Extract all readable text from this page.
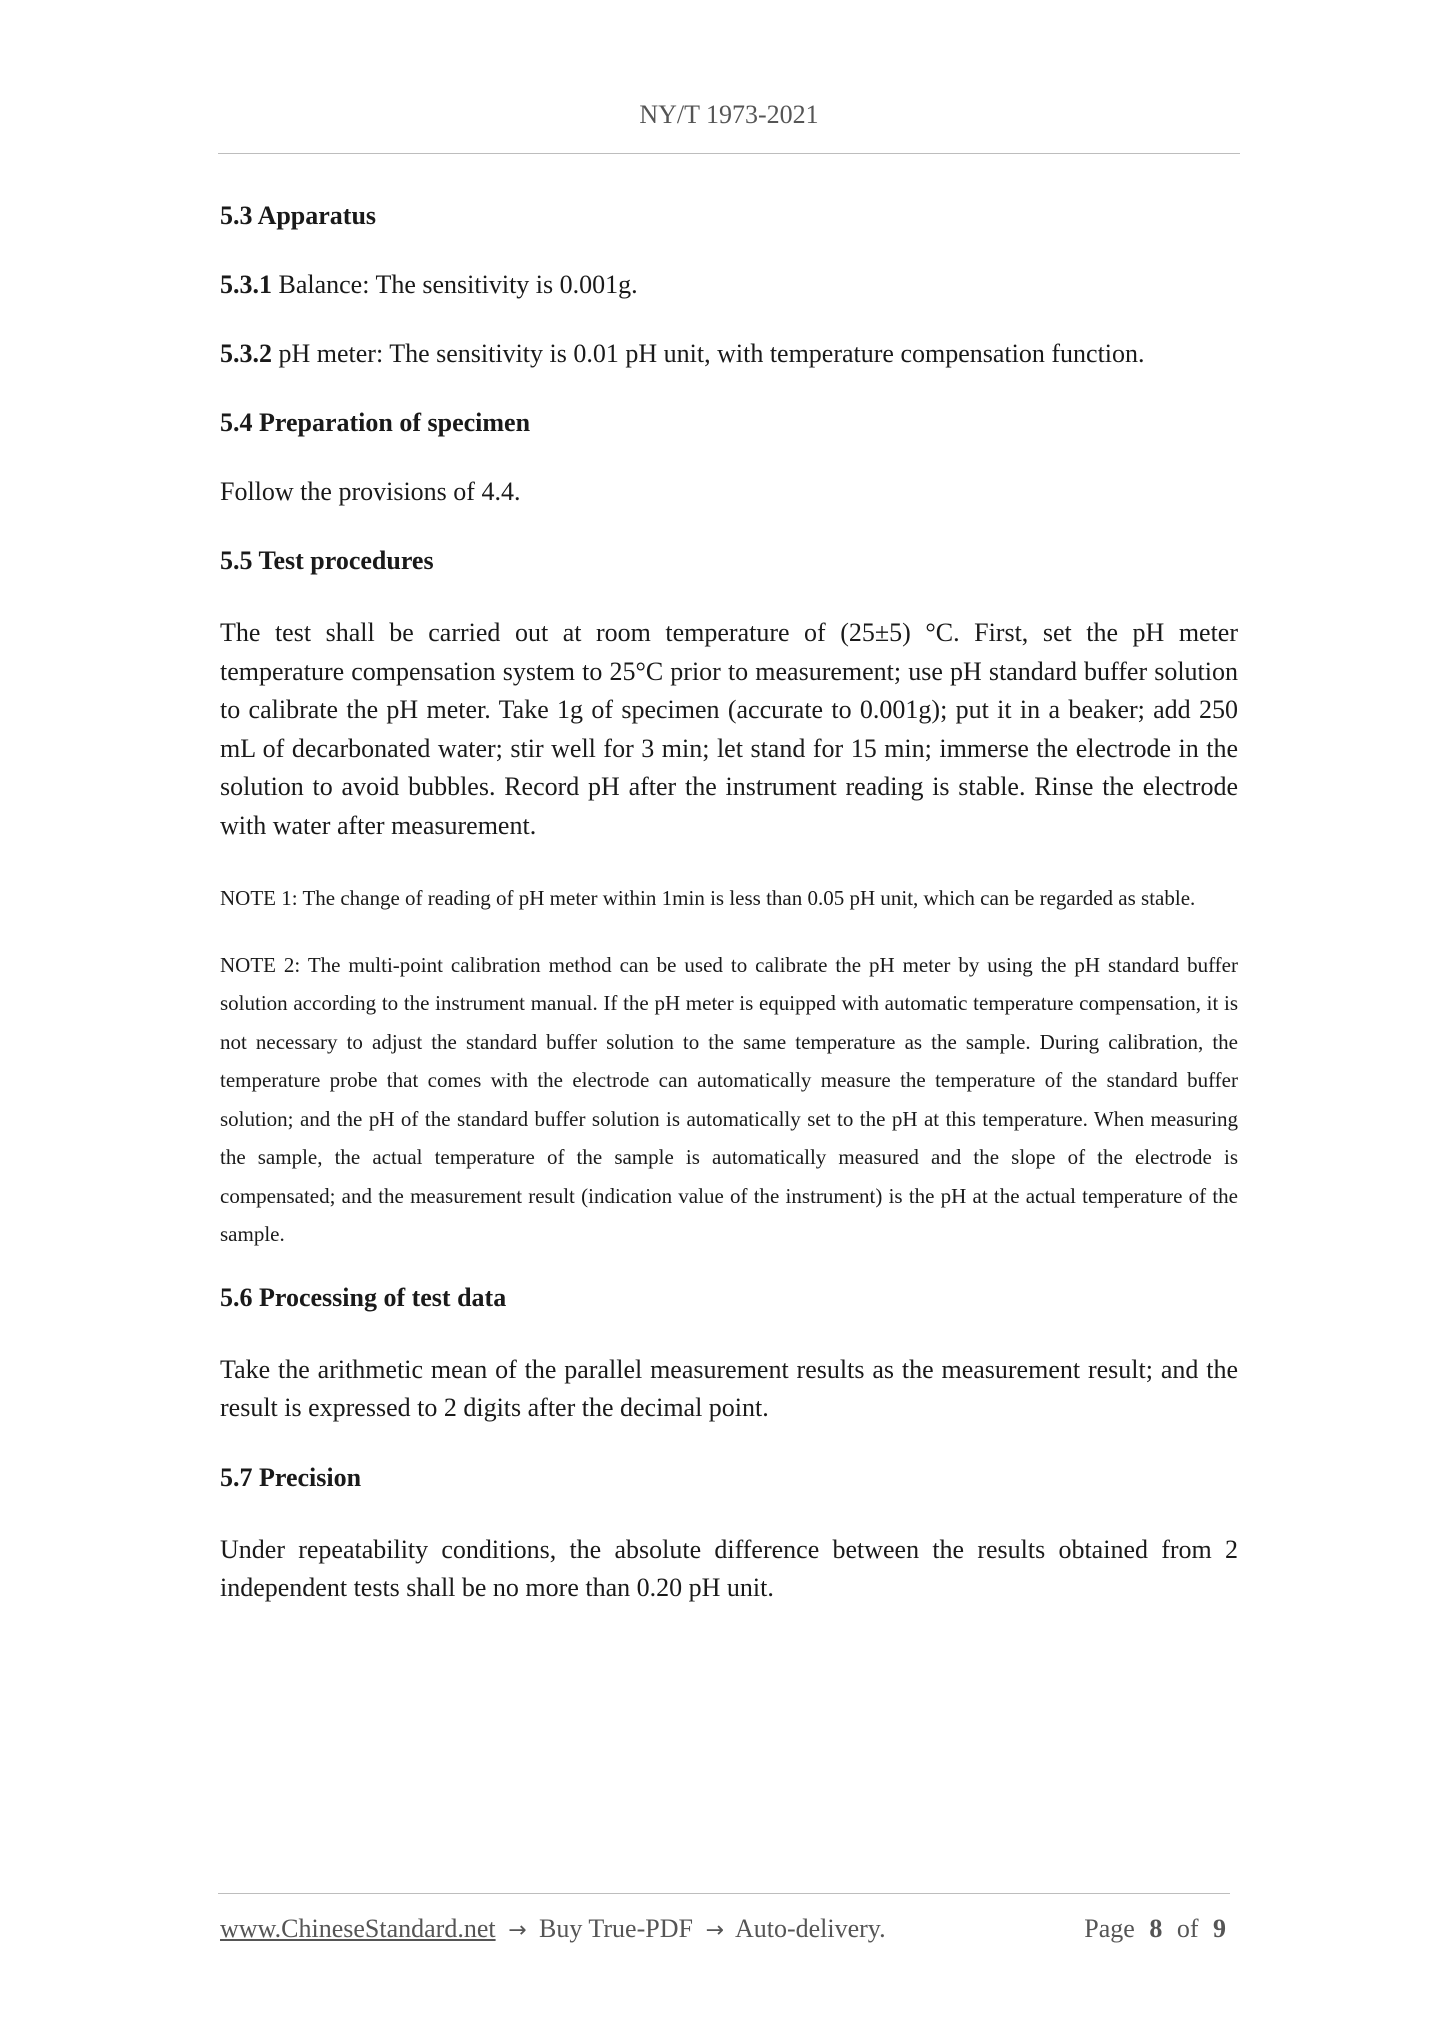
NY/T 1973-2021
5.3 Apparatus
5.3.1 Balance: The sensitivity is 0.001g.
5.3.2 pH meter: The sensitivity is 0.01 pH unit, with temperature compensation function.
5.4 Preparation of specimen
Follow the provisions of 4.4.
5.5 Test procedures
The test shall be carried out at room temperature of (25±5) °C. First, set the pH meter temperature compensation system to 25°C prior to measurement; use pH standard buffer solution to calibrate the pH meter. Take 1g of specimen (accurate to 0.001g); put it in a beaker; add 250 mL of decarbonated water; stir well for 3 min; let stand for 15 min; immerse the electrode in the solution to avoid bubbles. Record pH after the instrument reading is stable. Rinse the electrode with water after measurement.
NOTE 1: The change of reading of pH meter within 1min is less than 0.05 pH unit, which can be regarded as stable.
NOTE 2: The multi-point calibration method can be used to calibrate the pH meter by using the pH standard buffer solution according to the instrument manual. If the pH meter is equipped with automatic temperature compensation, it is not necessary to adjust the standard buffer solution to the same temperature as the sample. During calibration, the temperature probe that comes with the electrode can automatically measure the temperature of the standard buffer solution; and the pH of the standard buffer solution is automatically set to the pH at this temperature. When measuring the sample, the actual temperature of the sample is automatically measured and the slope of the electrode is compensated; and the measurement result (indication value of the instrument) is the pH at the actual temperature of the sample.
5.6 Processing of test data
Take the arithmetic mean of the parallel measurement results as the measurement result; and the result is expressed to 2 digits after the decimal point.
5.7 Precision
Under repeatability conditions, the absolute difference between the results obtained from 2 independent tests shall be no more than 0.20 pH unit.
www.ChineseStandard.net → Buy True-PDF → Auto-delivery.	Page 8 of 9
